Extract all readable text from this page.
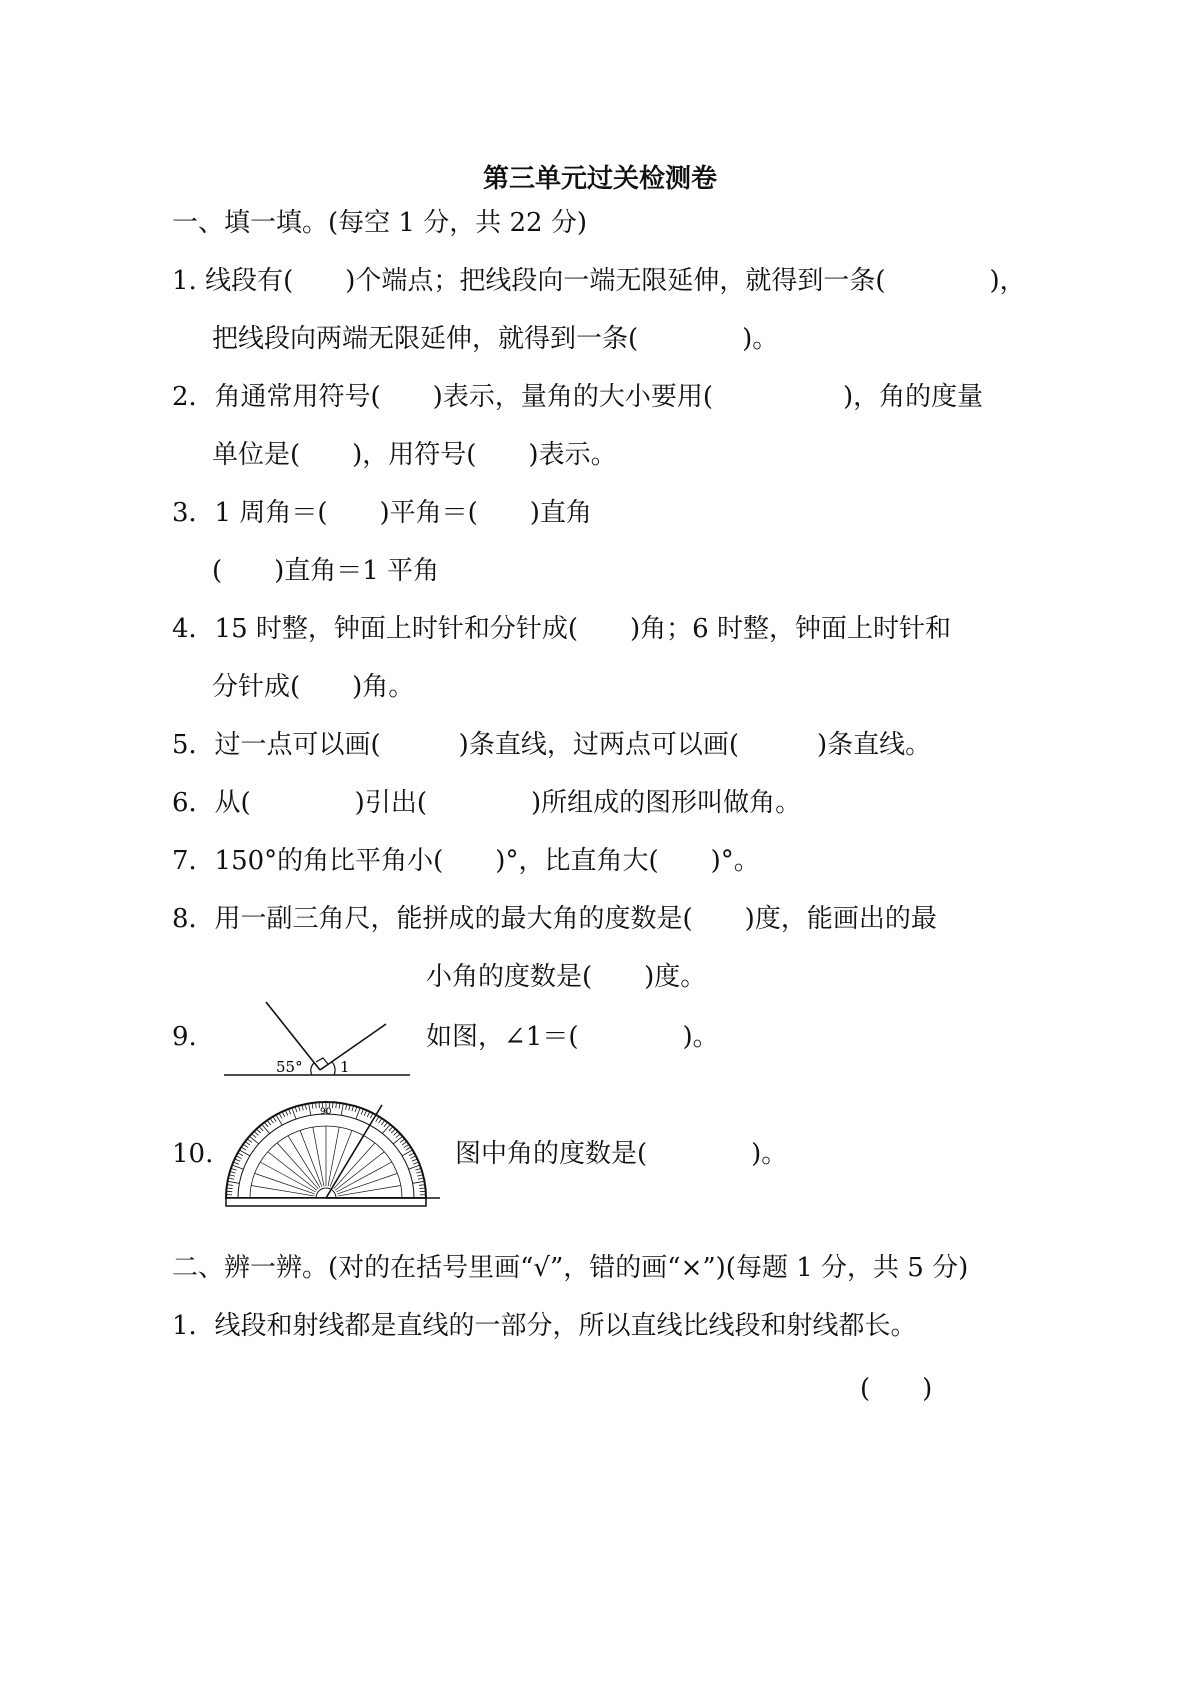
第三单元过关检测卷
一、填一填。(每空 1 分，共 22 分)
1. 线段有(　　)个端点；把线段向一端无限延伸，就得到一条(　　　　)，
把线段向两端无限延伸，就得到一条(　　　　)。
2．角通常用符号(　　)表示，量角的大小要用(　　　　　)，角的度量
单位是(　　)，用符号(　　)表示。
3．1 周角＝(　　)平角＝(　　)直角
(　　)直角＝1 平角
4．15 时整，钟面上时针和分针成(　　)角；6 时整，钟面上时针和
分针成(　　)角。
5．过一点可以画(　　　)条直线，过两点可以画(　　　)条直线。
6．从(　　　　)引出(　　　　)所组成的图形叫做角。
7．150°的角比平角小(　　)°，比直角大(　　)°。
8．用一副三角尺，能拼成的最大角的度数是(　　)度，能画出的最
小角的度数是(　　)度。
9.
55° 1
如图，∠1＝(　　　　)。
10.
90
图中角的度数是(　　　　)。
二、辨一辨。(对的在括号里画“√”，错的画“×”)(每题 1 分，共 5 分)
1．线段和射线都是直线的一部分，所以直线比线段和射线都长。
(　　)
